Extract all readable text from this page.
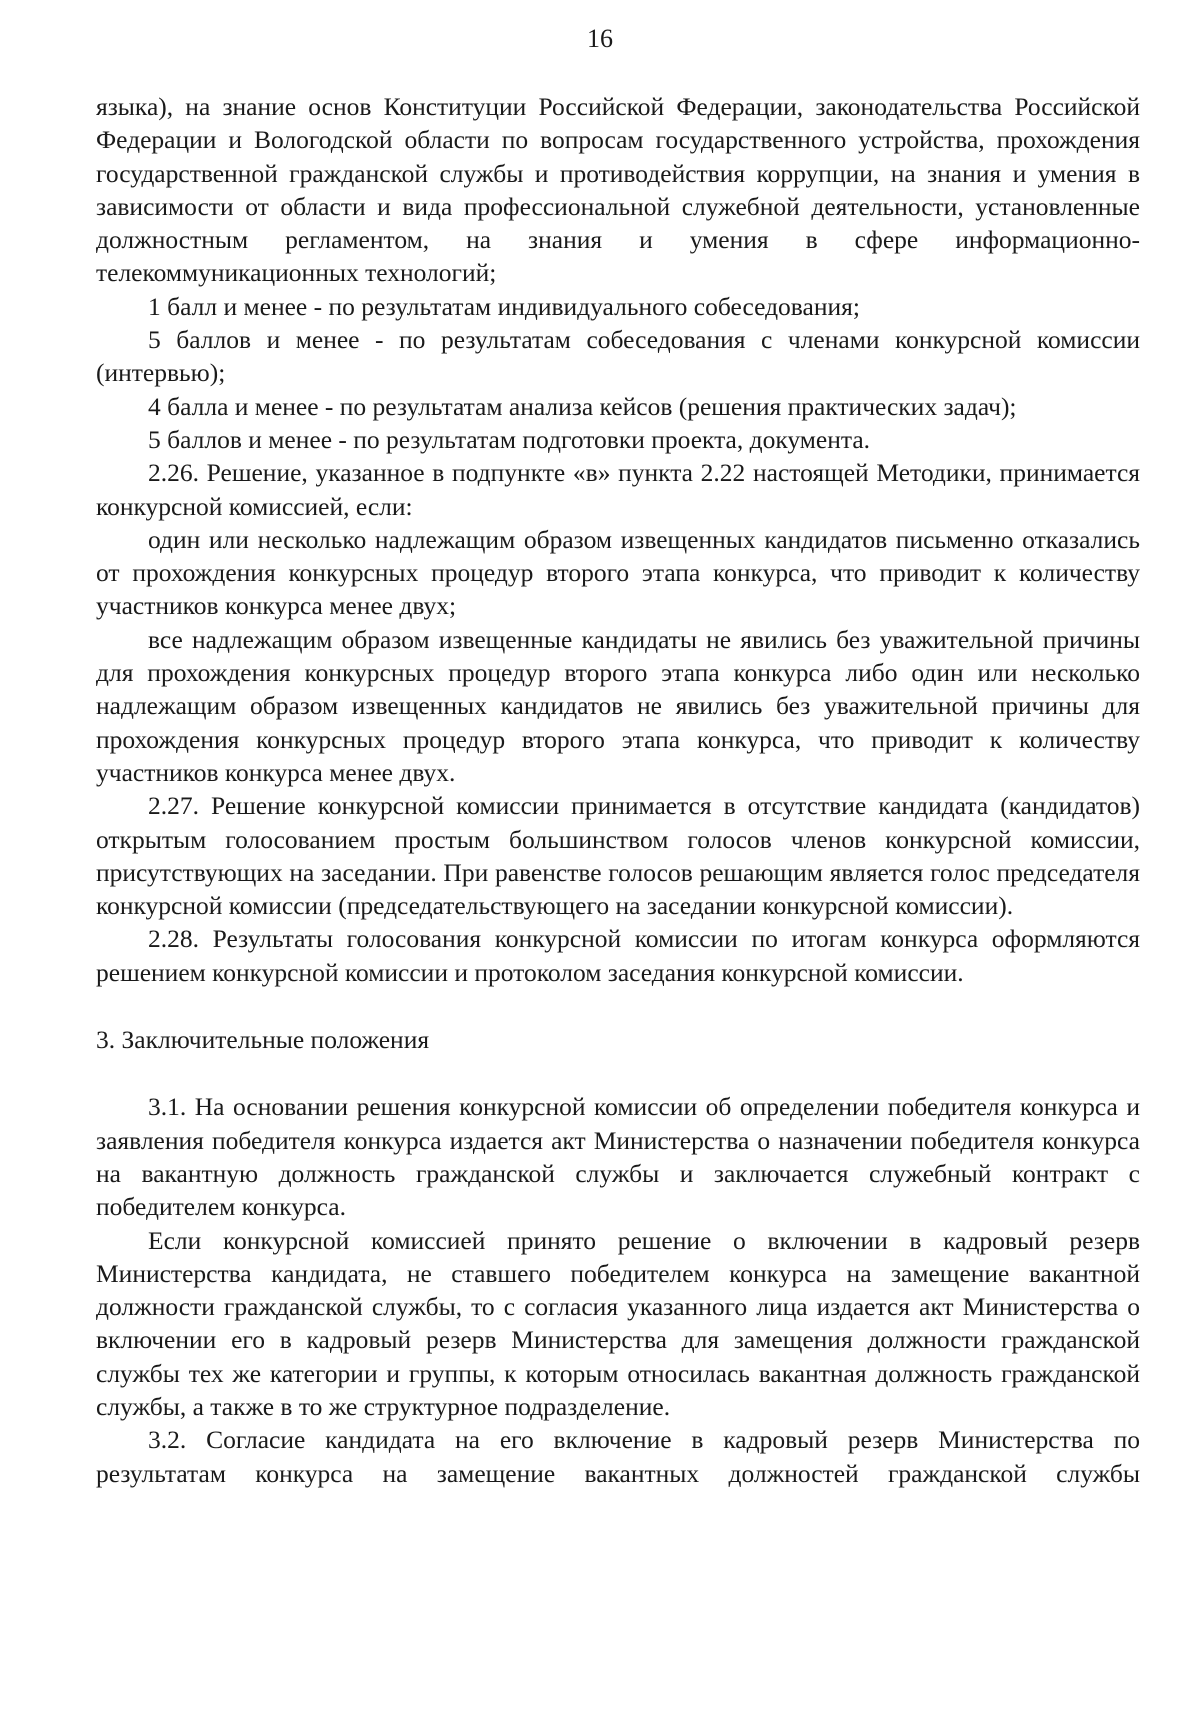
16

языка), на знание основ Конституции Российской Федерации, законодательства Российской Федерации и Вологодской области по вопросам государственного устройства, прохождения государственной гражданской службы и противодействия коррупции, на знания и умения в зависимости от области и вида профессиональной служебной деятельности, установленные должностным регламентом, на знания и умения в сфере информационно-телекоммуникационных технологий;

1 балл и менее - по результатам индивидуального собеседования;

5 баллов и менее - по результатам собеседования с членами конкурсной комиссии (интервью);

4 балла и менее - по результатам анализа кейсов (решения практических задач);

5 баллов и менее - по результатам подготовки проекта, документа.

2.26. Решение, указанное в подпункте «в» пункта 2.22 настоящей Методики, принимается конкурсной комиссией, если:

один или несколько надлежащим образом извещенных кандидатов письменно отказались от прохождения конкурсных процедур второго этапа конкурса, что приводит к количеству участников конкурса менее двух;

все надлежащим образом извещенные кандидаты не явились без уважительной причины для прохождения конкурсных процедур второго этапа конкурса либо один или несколько надлежащим образом извещенных кандидатов не явились без уважительной причины для прохождения конкурсных процедур второго этапа конкурса, что приводит к количеству участников конкурса менее двух.

2.27. Решение конкурсной комиссии принимается в отсутствие кандидата (кандидатов) открытым голосованием простым большинством голосов членов конкурсной комиссии, присутствующих на заседании. При равенстве голосов решающим является голос председателя конкурсной комиссии (председательствующего на заседании конкурсной комиссии).

2.28. Результаты голосования конкурсной комиссии по итогам конкурса оформляются решением конкурсной комиссии и протоколом заседания конкурсной комиссии.

3. Заключительные положения

3.1. На основании решения конкурсной комиссии об определении победителя конкурса и заявления победителя конкурса издается акт Министерства о назначении победителя конкурса на вакантную должность гражданской службы и заключается служебный контракт с победителем конкурса.

Если конкурсной комиссией принято решение о включении в кадровый резерв Министерства кандидата, не ставшего победителем конкурса на замещение вакантной должности гражданской службы, то с согласия указанного лица издается акт Министерства о включении его в кадровый резерв Министерства для замещения должности гражданской службы тех же категории и группы, к которым относилась вакантная должность гражданской службы, а также в то же структурное подразделение.

3.2. Согласие кандидата на его включение в кадровый резерв Министерства по результатам конкурса на замещение вакантных должностей гражданской службы
